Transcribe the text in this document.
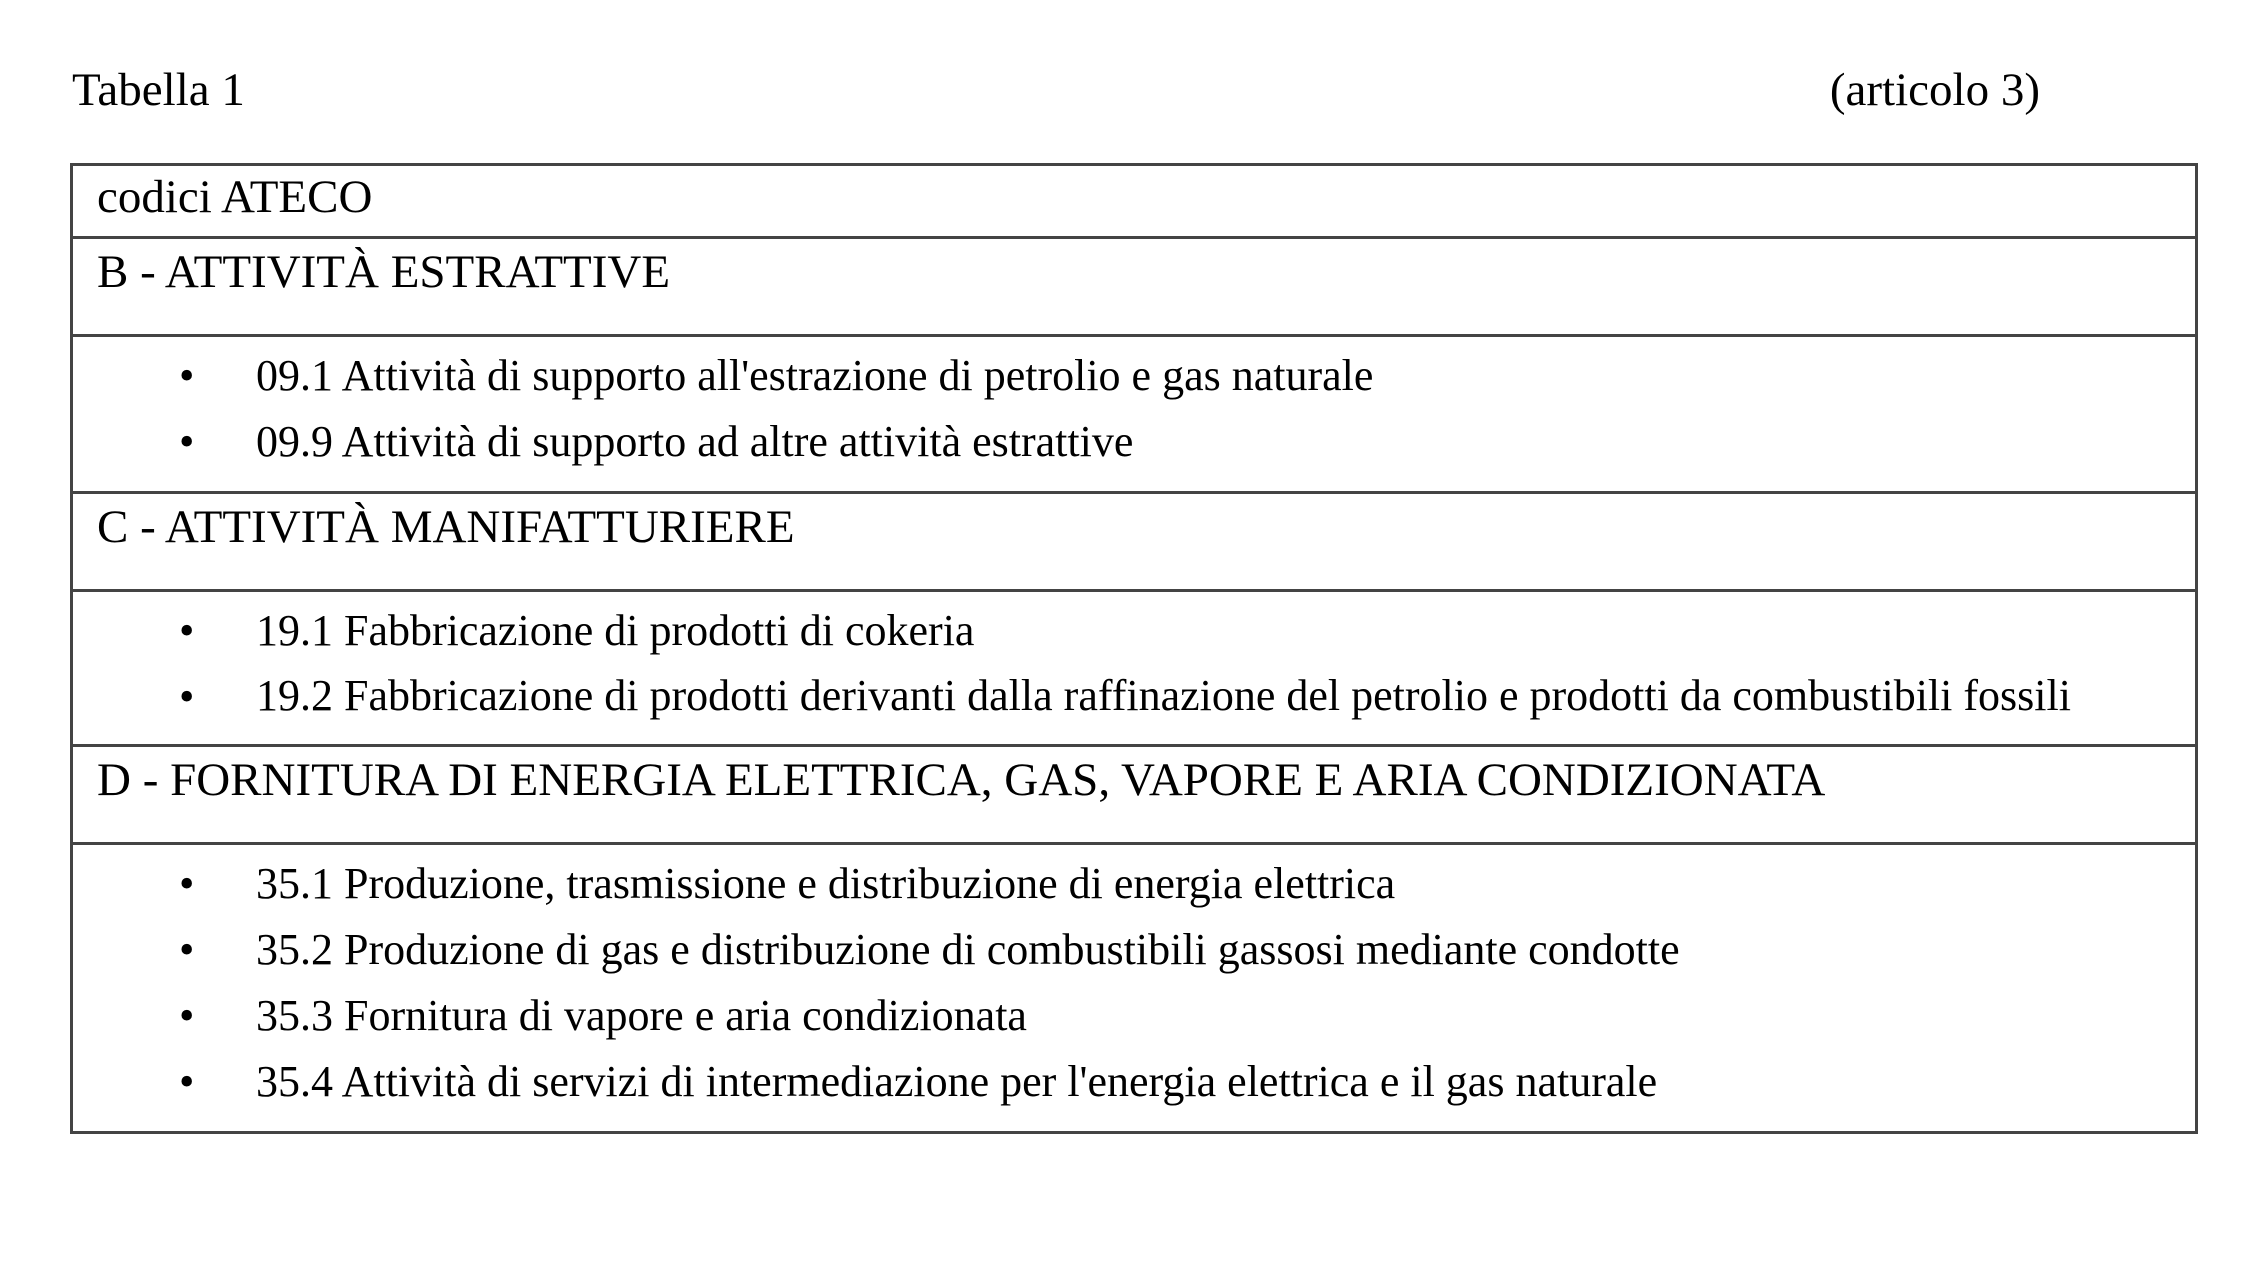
Tabella 1	(articolo 3)
codici ATECO
B - ATTIVITÀ ESTRATTIVE
• 09.1 Attività di supporto all'estrazione di petrolio e gas naturale
• 09.9 Attività di supporto ad altre attività estrattive
C - ATTIVITÀ MANIFATTURIERE
• 19.1 Fabbricazione di prodotti di cokeria
• 19.2 Fabbricazione di prodotti derivanti dalla raffinazione del petrolio e prodotti da combustibili fossili
D - FORNITURA DI ENERGIA ELETTRICA, GAS, VAPORE E ARIA CONDIZIONATA
• 35.1 Produzione, trasmissione e distribuzione di energia elettrica
• 35.2 Produzione di gas e distribuzione di combustibili gassosi mediante condotte
• 35.3 Fornitura di vapore e aria condizionata
• 35.4 Attività di servizi di intermediazione per l'energia elettrica e il gas naturale
